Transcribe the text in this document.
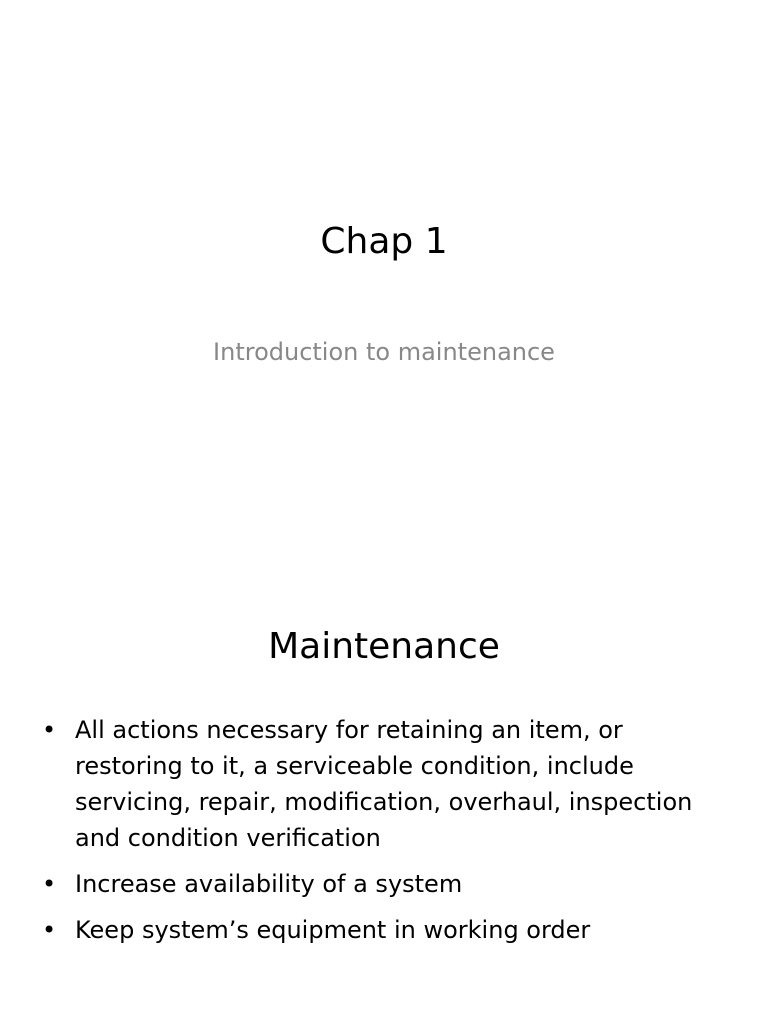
Chap 1

Introduction to maintenance

Maintenance
• All actions necessary for retaining an item, or restoring to it, a serviceable condition, include servicing, repair, modification, overhaul, inspection and condition verification
• Increase availability of a system
• Keep system’s equipment in working order
